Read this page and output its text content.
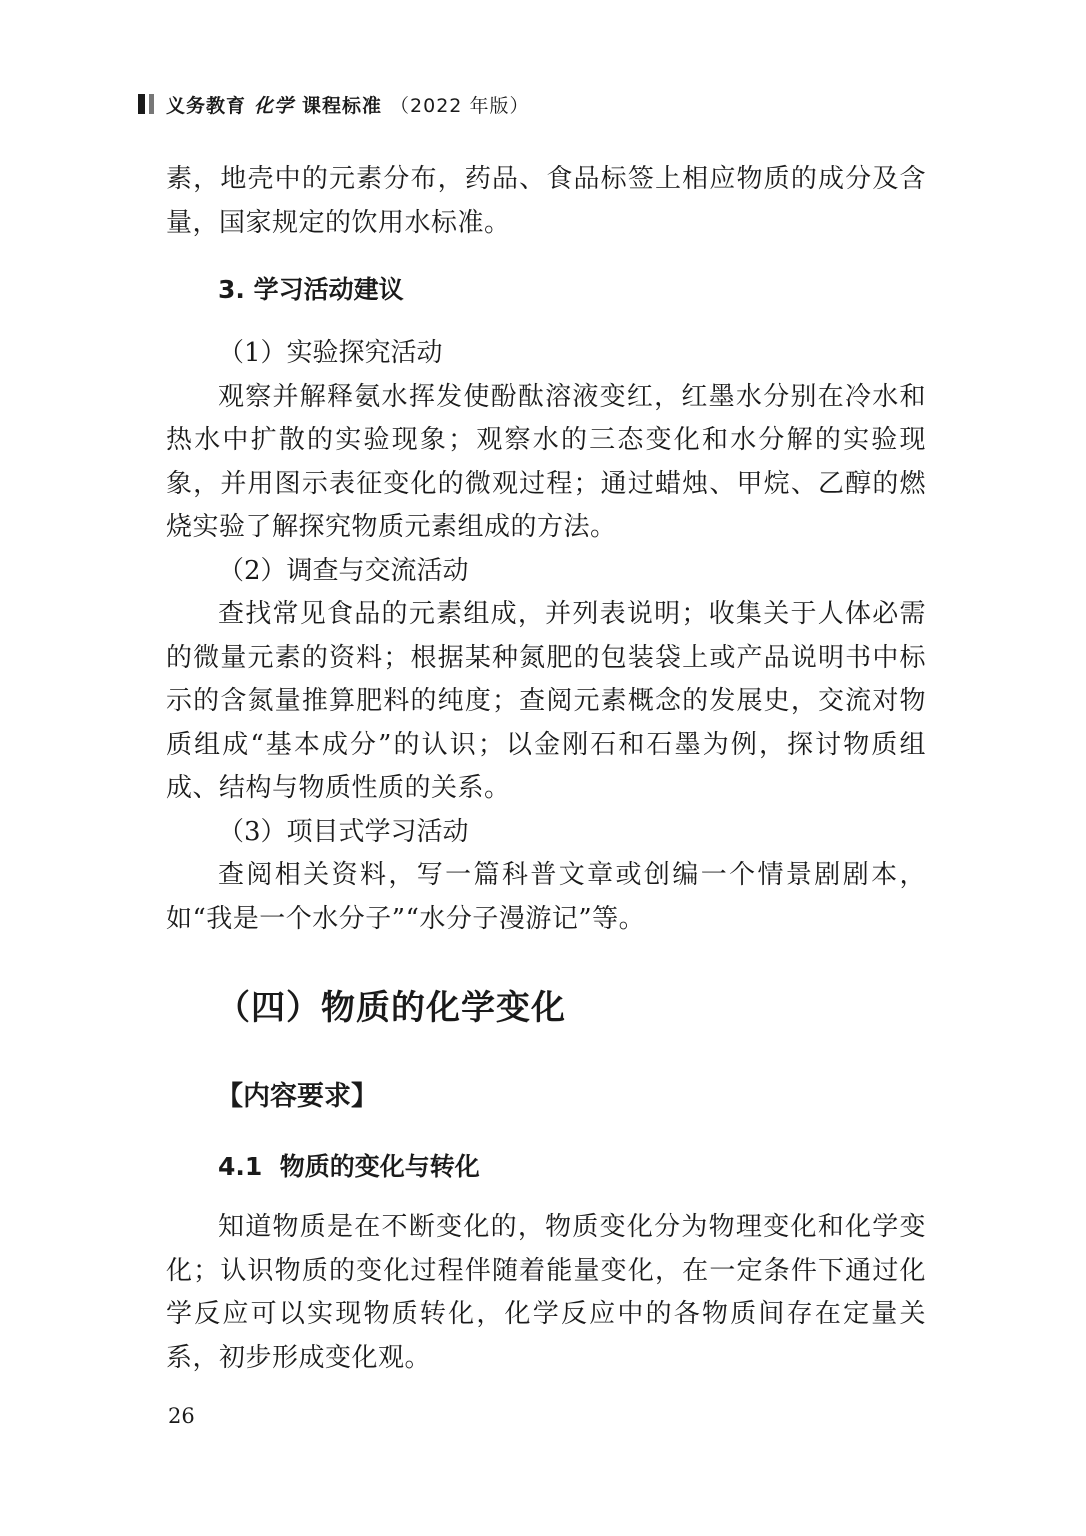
义务教育 化学 课程标准 （2022 年版）
素，地壳中的元素分布，药品、食品标签上相应物质的成分及含量，国家规定的饮用水标准。
3. 学习活动建议
（1）实验探究活动
观察并解释氨水挥发使酚酞溶液变红，红墨水分别在冷水和热水中扩散的实验现象；观察水的三态变化和水分解的实验现象，并用图示表征变化的微观过程；通过蜡烛、甲烷、乙醇的燃烧实验了解探究物质元素组成的方法。
（2）调查与交流活动
查找常见食品的元素组成，并列表说明；收集关于人体必需的微量元素的资料；根据某种氮肥的包装袋上或产品说明书中标示的含氮量推算肥料的纯度；查阅元素概念的发展史，交流对物质组成“基本成分”的认识；以金刚石和石墨为例，探讨物质组成、结构与物质性质的关系。
（3）项目式学习活动
查阅相关资料，写一篇科普文章或创编一个情景剧剧本，如“我是一个水分子”“水分子漫游记”等。
（四）物质的化学变化
【内容要求】
4.1  物质的变化与转化
知道物质是在不断变化的，物质变化分为物理变化和化学变化；认识物质的变化过程伴随着能量变化，在一定条件下通过化学反应可以实现物质转化，化学反应中的各物质间存在定量关系，初步形成变化观。
26
